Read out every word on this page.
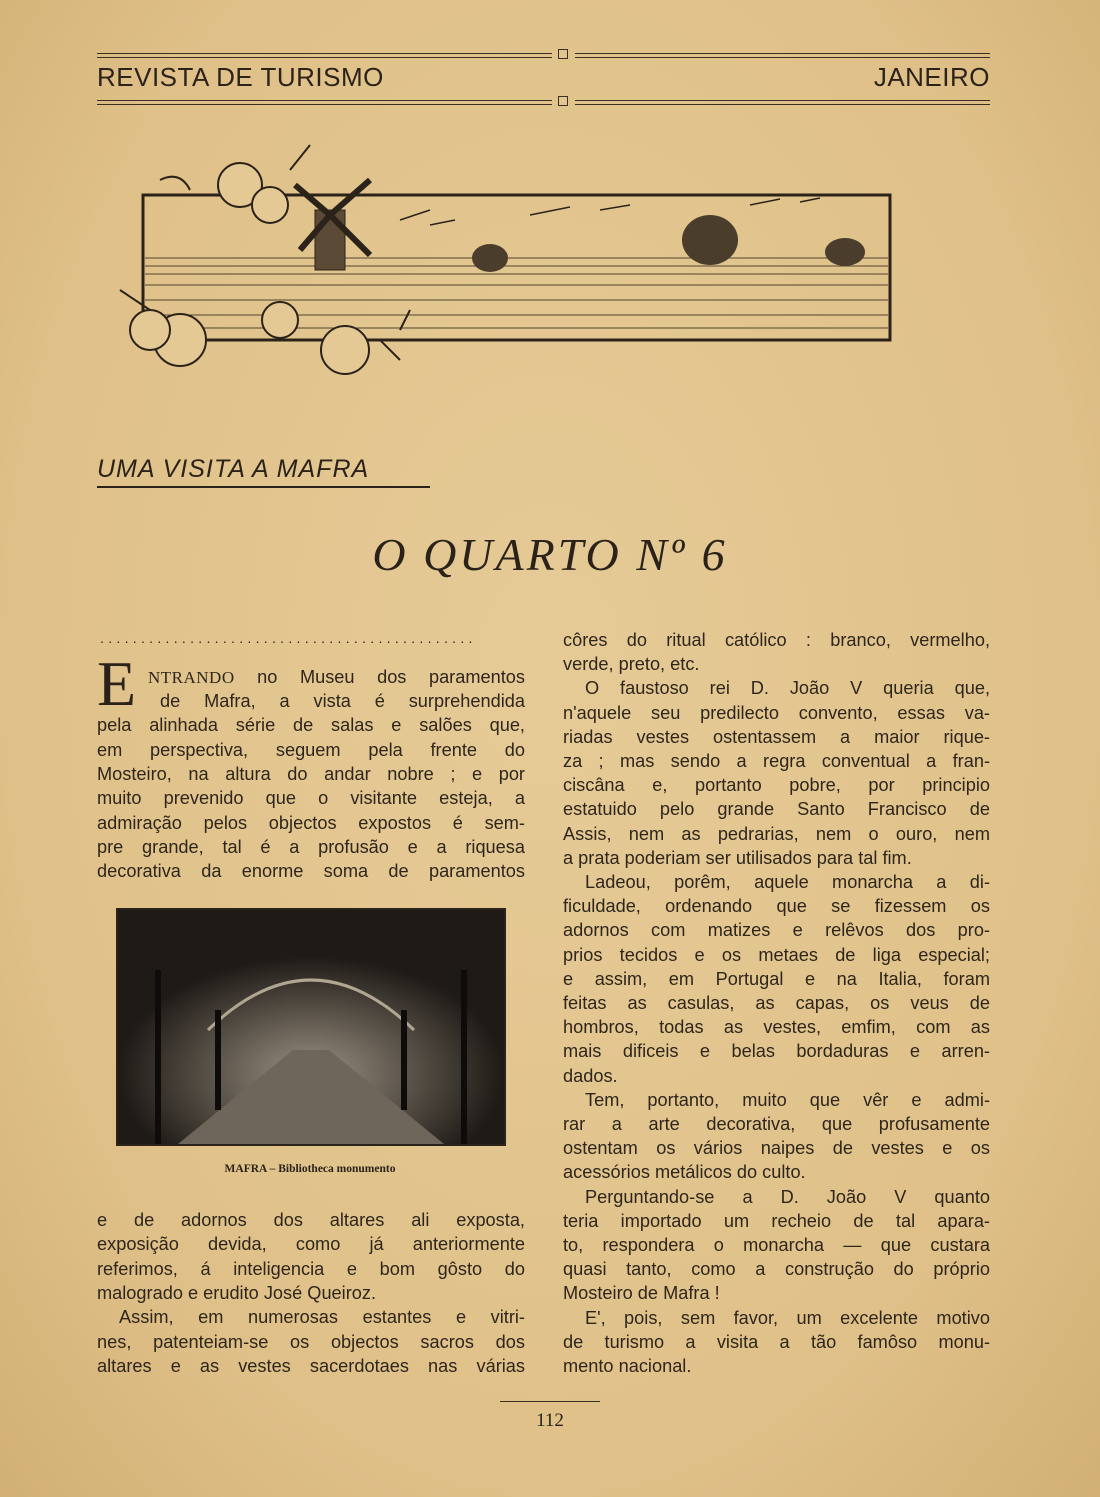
REVISTA DE TURISMO	JANEIRO
UMA VISITA A MAFRA
O QUARTO Nº 6
..............................................
E NTRANDO no Museu dos paramentos
MAFRA – Bibliotheca monumento
112
de Mafra, a vista é surprehendida
pela alinhada série de salas e salões que,
em perspectiva, seguem pela frente do
Mosteiro, na altura do andar nobre ; e por
muito prevenido que o visitante esteja, a
admiração pelos objectos expostos é sem-
pre grande, tal é a profusão e a riquesa
decorativa da enorme soma de paramentos
e de adornos dos altares ali exposta,
exposição devida, como já anteriormente
referimos, á inteligencia e bom gôsto do
malogrado e erudito José Queiroz.
Assim, em numerosas estantes e vitri-
nes, patenteiam-se os objectos sacros dos
altares e as vestes sacerdotaes nas várias
côres do ritual católico : branco, vermelho,
verde, preto, etc.
O faustoso rei D. João V queria que,
n'aquele seu predilecto convento, essas va-
riadas vestes ostentassem a maior rique-
za ; mas sendo a regra conventual a fran-
ciscâna e, portanto pobre, por principio
estatuido pelo grande Santo Francisco de
Assis, nem as pedrarias, nem o ouro, nem
a prata poderiam ser utilisados para tal fim.
Ladeou, porêm, aquele monarcha a di-
ficuldade, ordenando que se fizessem os
adornos com matizes e relêvos dos pro-
prios tecidos e os metaes de liga especial;
e assim, em Portugal e na Italia, foram
feitas as casulas, as capas, os veus de
hombros, todas as vestes, emfim, com as
mais dificeis e belas bordaduras e arren-
dados.
Tem, portanto, muito que vêr e admi-
rar a arte decorativa, que profusamente
ostentam os vários naipes de vestes e os
acessórios metálicos do culto.
Perguntando-se a D. João V quanto
teria importado um recheio de tal apara-
to, respondera o monarcha — que custara
quasi tanto, como a construção do próprio
Mosteiro de Mafra !
E', pois, sem favor, um excelente motivo
de turismo a visita a tão famôso monu-
mento nacional.
